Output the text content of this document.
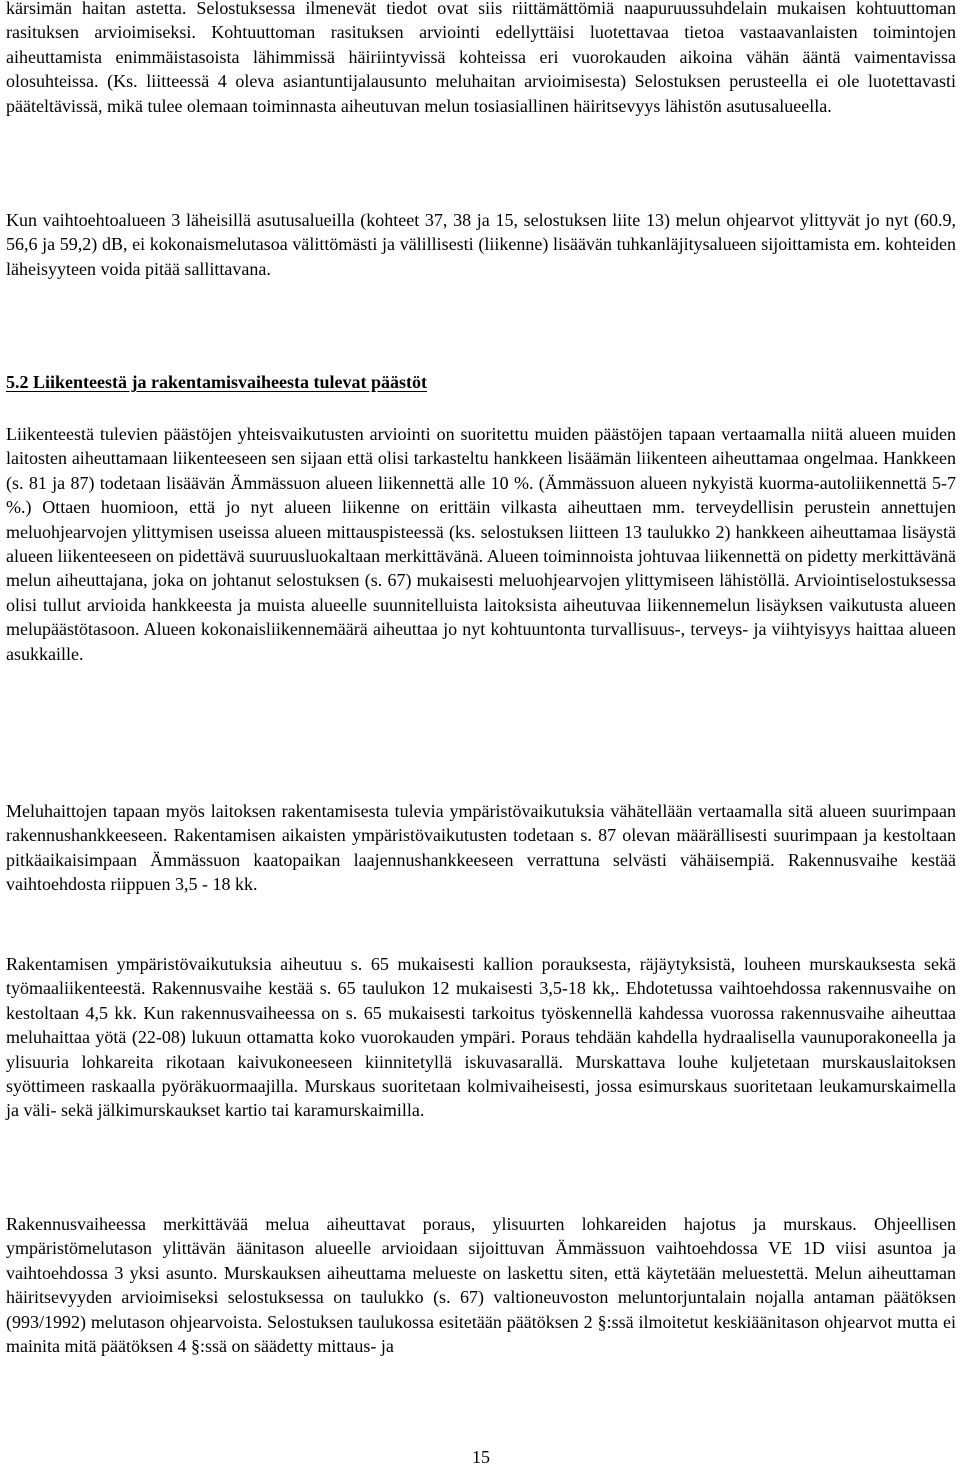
kärsimän haitan astetta. Selostuksessa ilmenevät tiedot ovat siis riittämättömiä naapuruussuhdelain mukaisen kohtuuttoman rasituksen arvioimiseksi. Kohtuuttoman rasituksen arviointi edellyttäisi luotettavaa tietoa vastaavanlaisten toimintojen aiheuttamista enimmäistasoista lähimmissä häiriintyvissä kohteissa eri vuorokauden aikoina vähän ääntä vaimentavissa olosuhteissa. (Ks. liitteessä 4 oleva asiantuntijalausunto meluhaitan arvioimisesta) Selostuksen perusteella ei ole luotettavasti pääteltävissä, mikä tulee olemaan toiminnasta aiheutuvan melun tosiasiallinen häiritsevyys lähistön asutusalueella.

Kun vaihtoehtoalueen 3 läheisillä asutusalueilla (kohteet 37, 38 ja 15, selostuksen liite 13) melun ohjearvot ylittyvät jo nyt (60.9, 56,6 ja 59,2) dB, ei kokonaismelutasoa välittömästi ja välillisesti (liikenne) lisäävän tuhkanläjitysalueen sijoittamista em. kohteiden läheisyyteen voida pitää sallittavana.

5.2 Liikenteestä ja rakentamisvaiheesta tulevat päästöt

Liikenteestä tulevien päästöjen yhteisvaikutusten arviointi on suoritettu muiden päästöjen tapaan vertaamalla niitä alueen muiden laitosten aiheuttamaan liikenteeseen sen sijaan että olisi tarkasteltu hankkeen lisäämän liikenteen aiheuttamaa ongelmaa. Hankkeen (s. 81 ja 87) todetaan lisäävän Ämmässuon alueen liikennettä alle 10 %. (Ämmässuon alueen nykyistä kuorma-autoliikennettä 5-7 %.) Ottaen huomioon, että jo nyt alueen liikenne on erittäin vilkasta aiheuttaen mm. terveydellisin perustein annettujen meluohjearvojen ylittymisen useissa alueen mittauspisteessä (ks. selostuksen liitteen 13 taulukko 2) hankkeen aiheuttamaa lisäystä alueen liikenteeseen on pidettävä suuruusluokaltaan merkittävänä. Alueen toiminnoista johtuvaa liikennettä on pidetty merkittävänä melun aiheuttajana, joka on johtanut selostuksen (s. 67) mukaisesti meluohjearvojen ylittymiseen lähistöllä. Arviointiselostuksessa olisi tullut arvioida hankkeesta ja muista alueelle suunnitelluista laitoksista aiheutuvaa liikennemelun lisäyksen vaikutusta alueen melupäästötasoon. Alueen kokonaisliikennemäärä aiheuttaa jo nyt kohtuuntonta turvallisuus-, terveys- ja viihtyisyys haittaa alueen asukkaille.

Meluhaittojen tapaan myös laitoksen rakentamisesta tulevia ympäristövaikutuksia vähätellään vertaamalla sitä alueen suurimpaan rakennushankkeeseen. Rakentamisen aikaisten ympäristövaikutusten todetaan s. 87 olevan määrällisesti suurimpaan ja kestoltaan pitkäaikaisimpaan Ämmässuon kaatopaikan laajennushankkeeseen verrattuna selvästi vähäisempiä. Rakennusvaihe kestää vaihtoehdosta riippuen 3,5 - 18 kk.

Rakentamisen ympäristövaikutuksia aiheutuu s. 65 mukaisesti kallion porauksesta, räjäytyksistä, louheen murskauksesta sekä työmaaliikenteestä. Rakennusvaihe kestää s. 65 taulukon 12 mukaisesti 3,5-18 kk,. Ehdotetussa vaihtoehdossa rakennusvaihe on kestoltaan 4,5 kk. Kun rakennusvaiheessa on s. 65 mukaisesti tarkoitus työskennellä kahdessa vuorossa rakennusvaihe aiheuttaa meluhaittaa yötä (22-08) lukuun ottamatta koko vuorokauden ympäri. Poraus tehdään kahdella hydraalisella vaunuporakoneella ja ylisuuria lohkareita rikotaan kaivukoneeseen kiinnitetyllä iskuvasarallä. Murskattava louhe kuljetetaan murskauslaitoksen syöttimeen raskaalla pyöräkuormaajilla. Murskaus suoritetaan kolmivaiheisesti, jossa esimurskaus suoritetaan leukamurskaimella ja väli- sekä jälkimurskaukset kartio tai karamurskaimilla.

Rakennusvaiheessa merkittävää melua aiheuttavat poraus, ylisuurten lohkareiden hajotus ja murskaus. Ohjeellisen ympäristömelutason ylittävän äänitason alueelle arvioidaan sijoittuvan Ämmässuon vaihtoehdossa VE 1D viisi asuntoa ja vaihtoehdossa 3 yksi asunto. Murskauksen aiheuttama melueste on laskettu siten, että käytetään meluestettä. Melun aiheuttaman häiritsevyyden arvioimiseksi selostuksessa on taulukko (s. 67) valtioneuvoston meluntorjuntalain nojalla antaman päätöksen (993/1992) melutason ohjearvoista. Selostuksen taulukossa esitetään päätöksen 2 §:ssä ilmoitetut keskiäänitason ohjearvot mutta ei mainita mitä päätöksen 4 §:ssä on säädetty mittaus- ja

15
